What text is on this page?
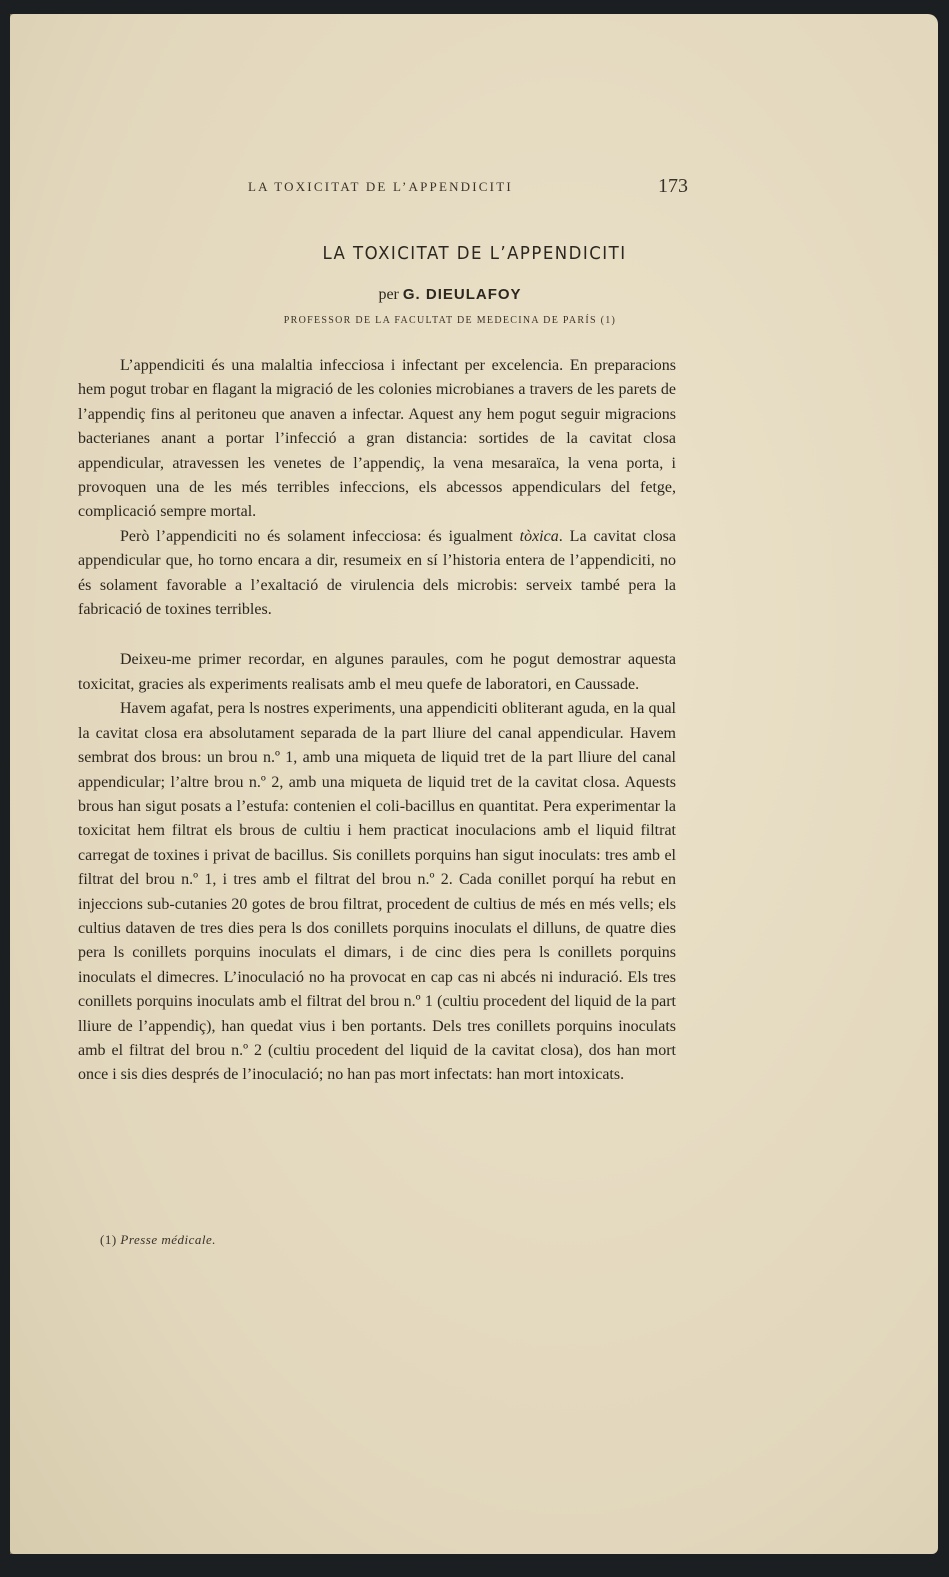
LA TOXICITAT DE L’APPENDICITI	173
LA TOXICITAT DE L’APPENDICITI
per G. DIEULAFOY
PROFESSOR DE LA FACULTAT DE MEDECINA DE PARÍS (1)

L’appendiciti és una malaltia infecciosa i infectant per excelencia. En preparacions hem pogut trobar en flagant la migració de les colonies microbianes a travers de les parets de l’appendiç fins al peritoneu que anaven a infectar. Aquest any hem pogut seguir migracions bacterianes anant a portar l’infecció a gran distancia: sortides de la cavitat closa appendicular, atravessen les venetes de l’appendiç, la vena mesaraïca, la vena porta, i provoquen una de les més terribles infeccions, els abcessos appendiculars del fetge, complicació sempre mortal.

Però l’appendiciti no és solament infecciosa: és igualment tòxica. La cavitat closa appendicular que, ho torno encara a dir, resumeix en sí l’historia entera de l’appendiciti, no és solament favorable a l’exaltació de virulencia dels microbis: serveix també pera la fabricació de toxines terribles.

Deixeu-me primer recordar, en algunes paraules, com he pogut demostrar aquesta toxicitat, gracies als experiments realisats amb el meu quefe de laboratori, en Caussade.

Havem agafat, pera ls nostres experiments, una appendiciti obliterant aguda, en la qual la cavitat closa era absolutament separada de la part lliure del canal appendicular. Havem sembrat dos brous: un brou n.º 1, amb una miqueta de liquid tret de la part lliure del canal appendicular; l’altre brou n.º 2, amb una miqueta de liquid tret de la cavitat closa. Aquests brous han sigut posats a l’estufa: contenien el coli-bacillus en quantitat. Pera experimentar la toxicitat hem filtrat els brous de cultiu i hem practicat inoculacions amb el liquid filtrat carregat de toxines i privat de bacillus. Sis conillets porquins han sigut inoculats: tres amb el filtrat del brou n.º 1, i tres amb el filtrat del brou n.º 2. Cada conillet porquí ha rebut en injeccions sub-cutanies 20 gotes de brou filtrat, procedent de cultius de més en més vells; els cultius dataven de tres dies pera ls dos conillets porquins inoculats el dilluns, de quatre dies pera ls conillets porquins inoculats el dimars, i de cinc dies pera ls conillets porquins inoculats el dimecres. L’inoculació no ha provocat en cap cas ni abcés ni induració. Els tres conillets porquins inoculats amb el filtrat del brou n.º 1 (cultiu procedent del liquid de la part lliure de l’appendiç), han quedat vius i ben portants. Dels tres conillets porquins inoculats amb el filtrat del brou n.º 2 (cultiu procedent del liquid de la cavitat closa), dos han mort once i sis dies després de l’inoculació; no han pas mort infectats: han mort intoxicats.

(1) Presse médicale.
